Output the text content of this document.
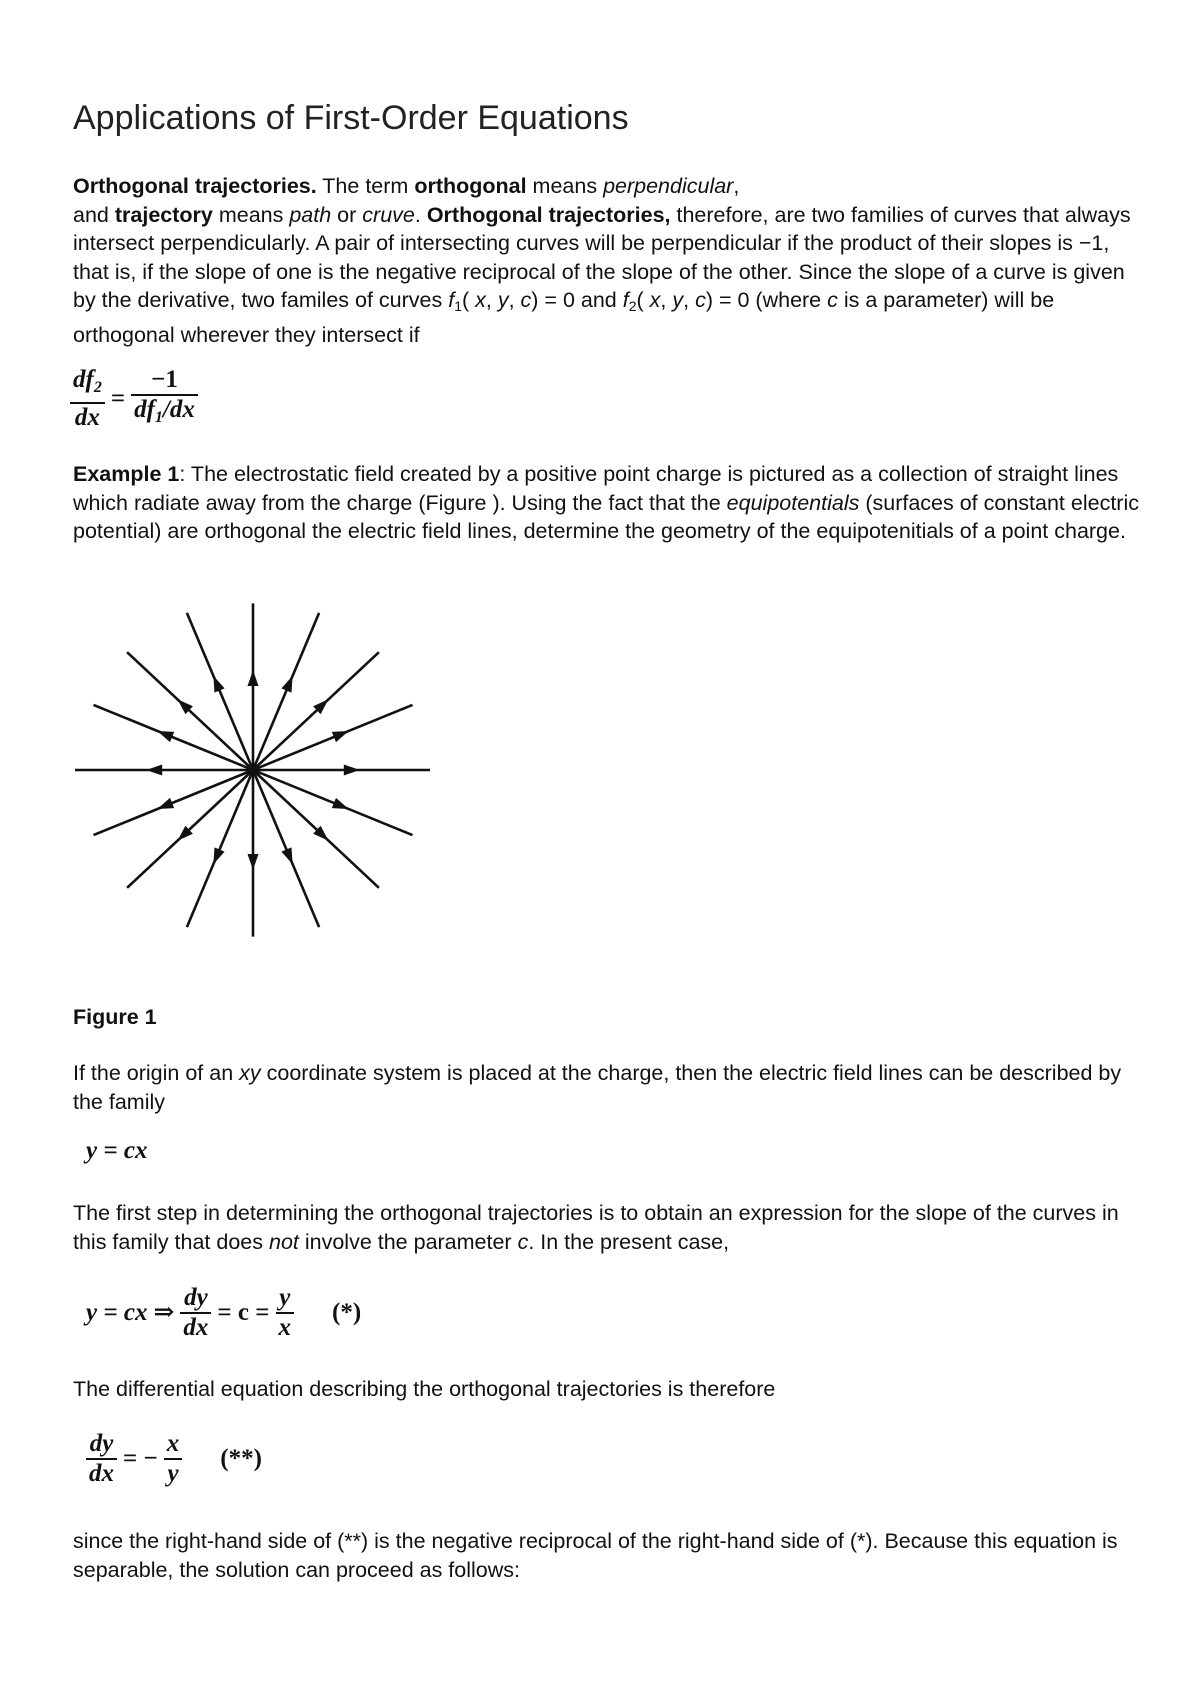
Applications of First-Order Equations

Orthogonal trajectories. The term orthogonal means perpendicular,
and trajectory means path or cruve. Orthogonal trajectories, therefore, are two families of curves that always intersect perpendicularly. A pair of intersecting curves will be perpendicular if the product of their slopes is −1, that is, if the slope of one is the negative reciprocal of the slope of the other. Since the slope of a curve is given by the derivative, two familes of curves $f_1$( x, y, c) = 0 and $f_2$( x, y, c) = 0 (where c is a parameter) will be orthogonal wherever they intersect if

$\frac{df_2}{dx} = \frac{-1}{df_1/dx}$

Example 1: The electrostatic field created by a positive point charge is pictured as a collection of straight lines which radiate away from the charge (Figure ). Using the fact that the equipotentials (surfaces of constant electric potential) are orthogonal the electric field lines, determine the geometry of the equipotenitials of a point charge.

Figure 1

If the origin of an xy coordinate system is placed at the charge, then the electric field lines can be described by the family

y = cx

The first step in determining the orthogonal trajectories is to obtain an expression for the slope of the curves in this family that does not involve the parameter c. In the present case,

y = cx ⇒ $\frac{dy}{dx} = c = \frac{y}{x}$ (*)

The differential equation describing the orthogonal trajectories is therefore

$\frac{dy}{dx}$ = − $\frac{x}{y}$ (**)

since the right-hand side of (**) is the negative reciprocal of the right-hand side of (*). Because this equation is separable, the solution can proceed as follows:
